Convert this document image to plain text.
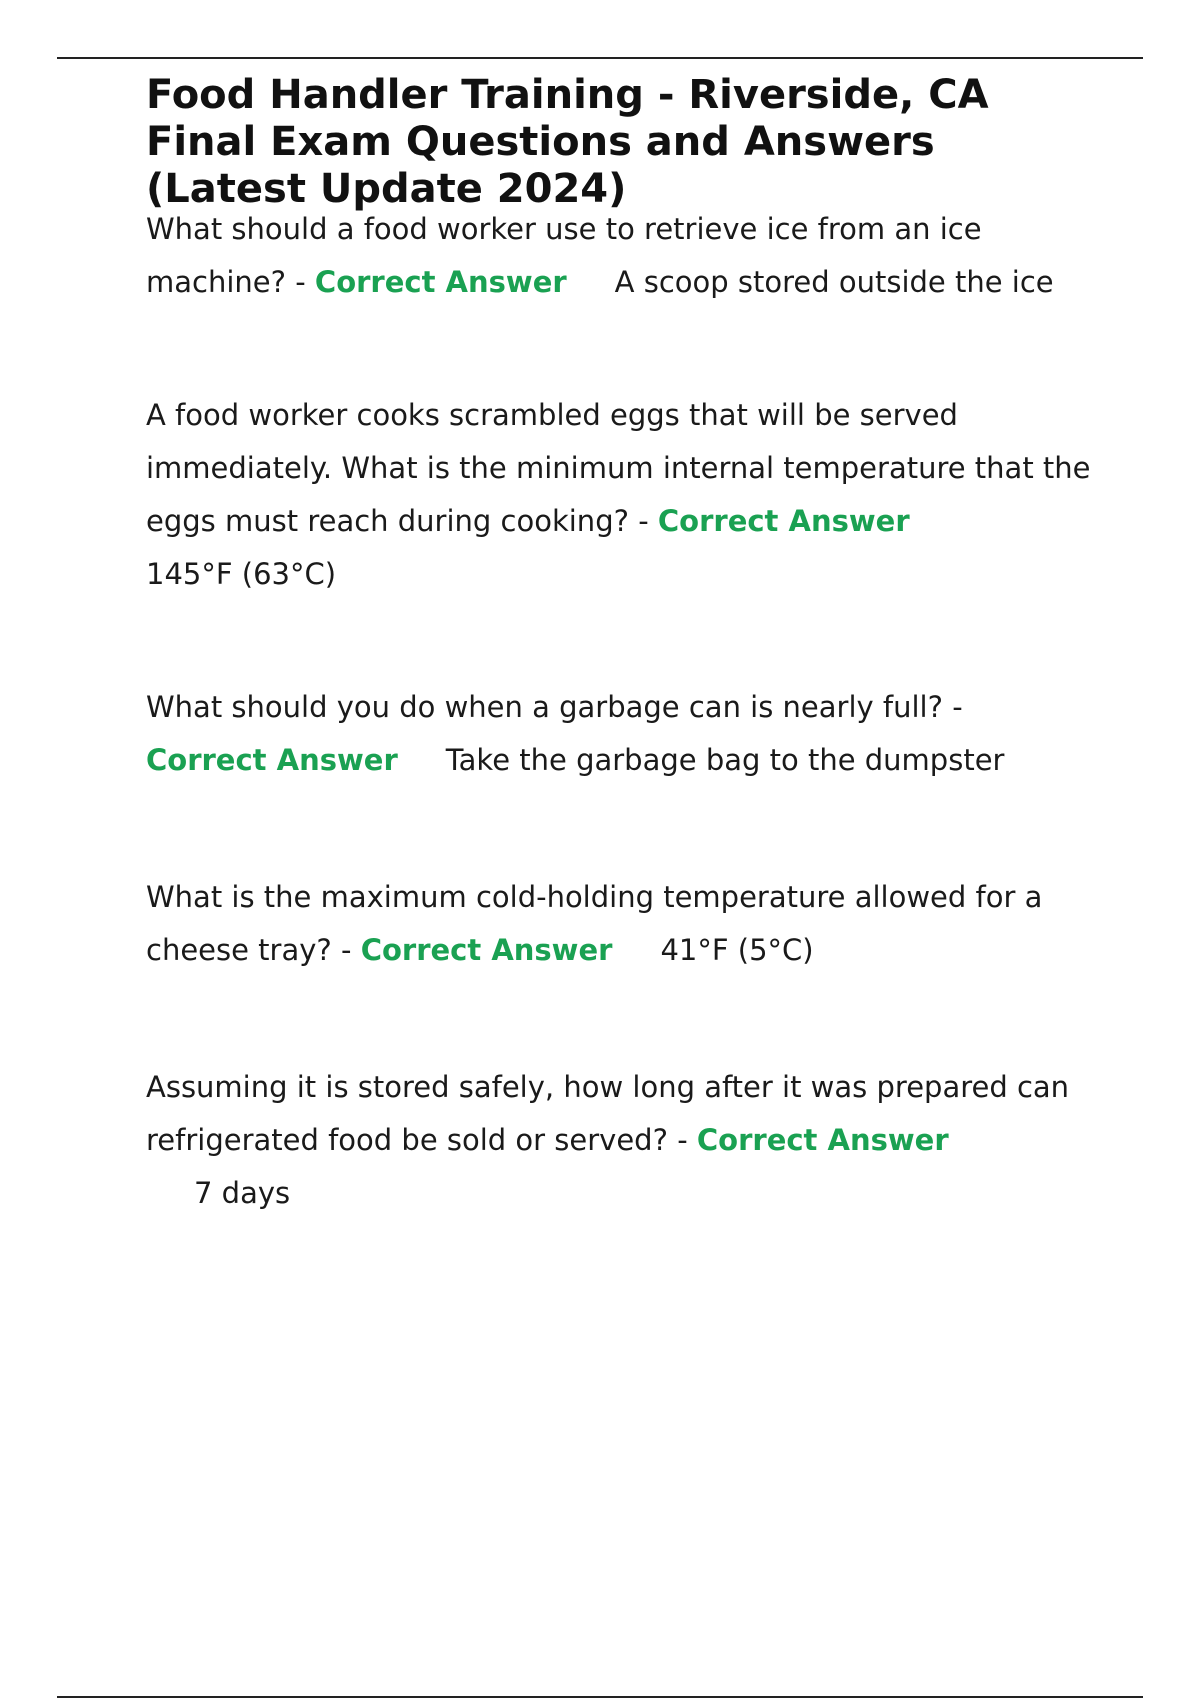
Food Handler Training - Riverside, CA
Final Exam Questions and Answers
(Latest Update 2024)

What should a food worker use to retrieve ice from an ice machine? - Correct Answer A scoop stored outside the ice

A food worker cooks scrambled eggs that will be served immediately. What is the minimum internal temperature that the eggs must reach during cooking? - Correct Answer
145°F (63°C)

What should you do when a garbage can is nearly full? -
Correct Answer Take the garbage bag to the dumpster

What is the maximum cold-holding temperature allowed for a cheese tray? - Correct Answer 41°F (5°C)

Assuming it is stored safely, how long after it was prepared can refrigerated food be sold or served? - Correct Answer
7 days
